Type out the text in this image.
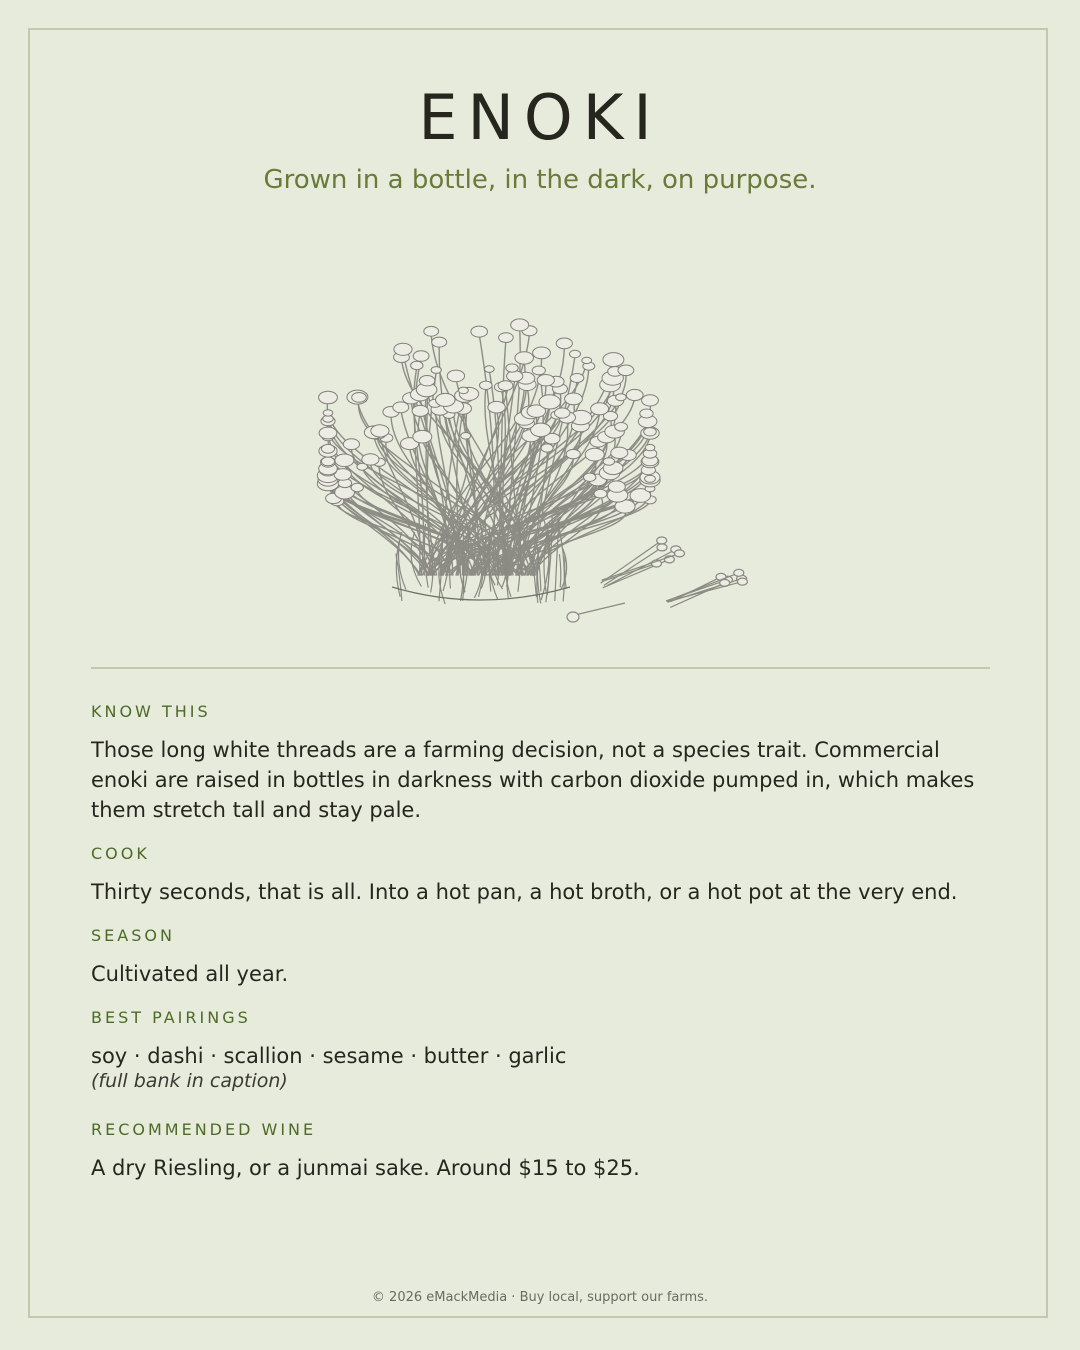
ENOKI
Grown in a bottle, in the dark, on purpose.
KNOW THIS

Those long white threads are a farming decision, not a species trait. Commercial enoki are raised in bottles in darkness with carbon dioxide pumped in, which makes them stretch tall and stay pale.

COOK

Thirty seconds, that is all. Into a hot pan, a hot broth, or a hot pot at the very end.

SEASON

Cultivated all year.

BEST PAIRINGS

soy · dashi · scallion · sesame · butter · garlic

(full bank in caption)
RECOMMENDED WINE

A dry Riesling, or a junmai sake. Around $15 to $25.

© 2026 eMackMedia · Buy local, support our farms.
